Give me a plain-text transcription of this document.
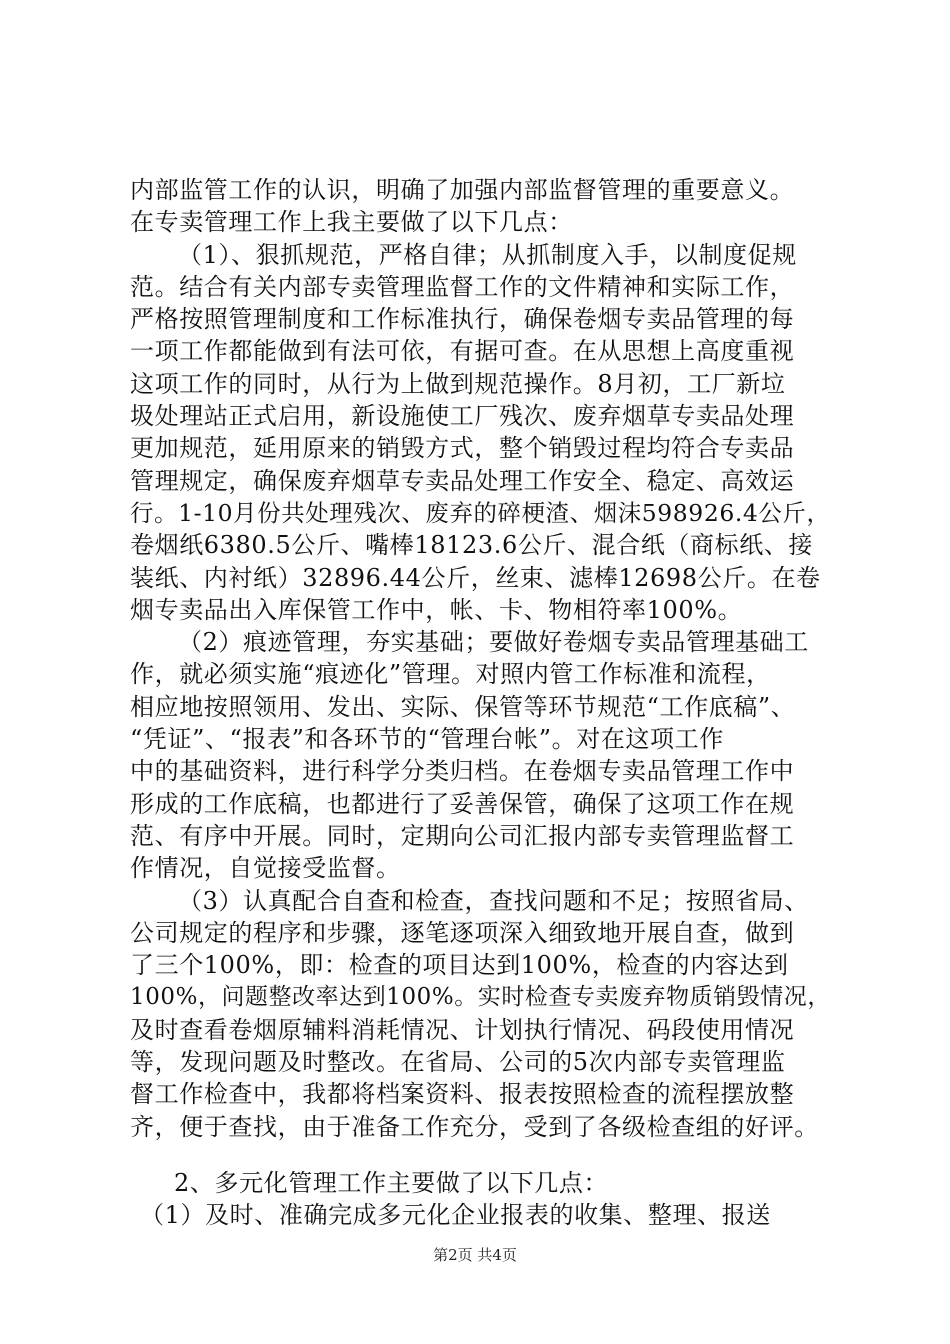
内部监管工作的认识，明确了加强内部监督管理的重要意义。
在专卖管理工作上我主要做了以下几点：
（1）、狠抓规范，严格自律；从抓制度入手，以制度促规
范。结合有关内部专卖管理监督工作的文件精神和实际工作，
严格按照管理制度和工作标准执行，确保卷烟专卖品管理的每
一项工作都能做到有法可依，有据可查。在从思想上高度重视
这项工作的同时，从行为上做到规范操作。8月初，工厂新垃
圾处理站正式启用，新设施使工厂残次、废弃烟草专卖品处理
更加规范，延用原来的销毁方式，整个销毁过程均符合专卖品
管理规定，确保废弃烟草专卖品处理工作安全、稳定、高效运
行。1-10月份共处理残次、废弃的碎梗渣、烟沫598926.4公斤，
卷烟纸6380.5公斤、嘴棒18123.6公斤、混合纸（商标纸、接
装纸、内衬纸）32896.44公斤，丝束、滤棒12698公斤。在卷
烟专卖品出入库保管工作中，帐、卡、物相符率100%。
（2）痕迹管理，夯实基础；要做好卷烟专卖品管理基础工
作，就必须实施“痕迹化”管理。对照内管工作标准和流程，
相应地按照领用、发出、实际、保管等环节规范“工作底稿”、
“凭证”、“报表”和各环节的“管理台帐”。对在这项工作
中的基础资料，进行科学分类归档。在卷烟专卖品管理工作中
形成的工作底稿，也都进行了妥善保管，确保了这项工作在规
范、有序中开展。同时，定期向公司汇报内部专卖管理监督工
作情况，自觉接受监督。
（3）认真配合自查和检查，查找问题和不足；按照省局、
公司规定的程序和步骤，逐笔逐项深入细致地开展自查，做到
了三个100%，即：检查的项目达到100%，检查的内容达到
100%，问题整改率达到100%。实时检查专卖废弃物质销毁情况，
及时查看卷烟原辅料消耗情况、计划执行情况、码段使用情况
等，发现问题及时整改。在省局、公司的5次内部专卖管理监
督工作检查中，我都将档案资料、报表按照检查的流程摆放整
齐，便于查找，由于准备工作充分，受到了各级检查组的好评。
2、多元化管理工作主要做了以下几点：
（1）及时、准确完成多元化企业报表的收集、整理、报送
第2页 共4页
